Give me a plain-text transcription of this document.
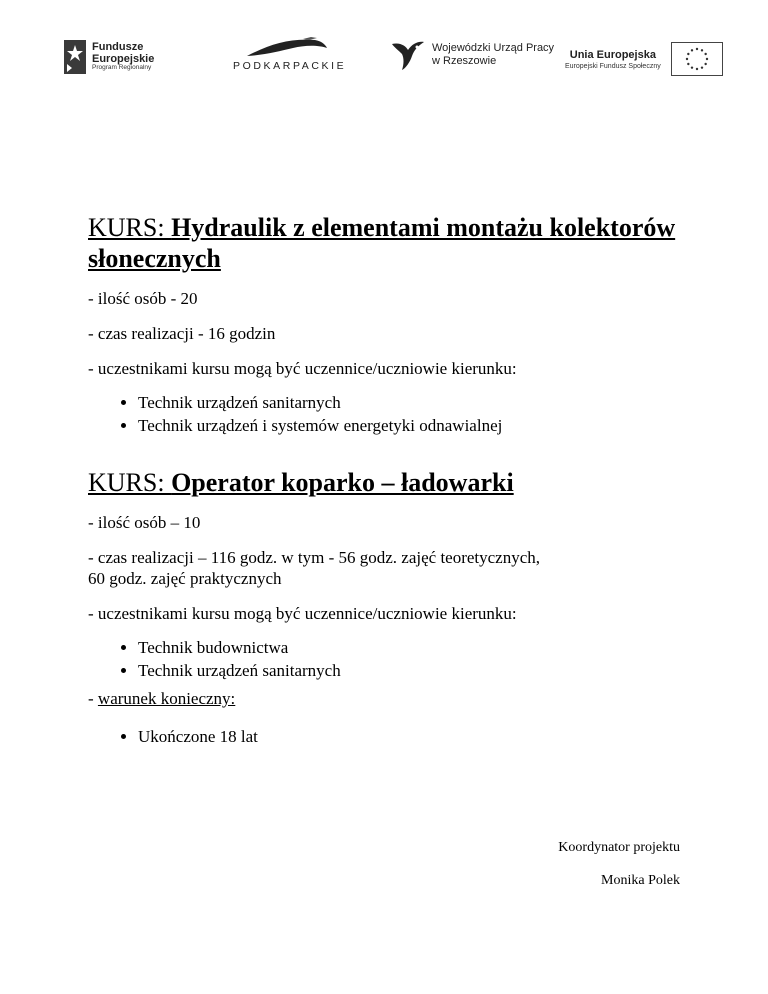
Fundusze
Europejskie
Program Regionalny	PODKARPACKIE
Wojewódzki Urząd Pracy
w Rzeszowie
Unia Europejska
Europejski Fundusz Społeczny
KURS: Hydraulik z elementami montażu kolektorów słonecznych

- ilość osób - 20

- czas realizacji - 16 godzin

- uczestnikami kursu mogą być uczennice/uczniowie kierunku:

• Technik urządzeń sanitarnych
• Technik urządzeń i systemów energetyki odnawialnej
KURS: Operator koparko – ładowarki

- ilość osób – 10

- czas realizacji – 116 godz. w tym - 56 godz. zajęć teoretycznych,

60 godz. zajęć praktycznych

- uczestnikami kursu mogą być uczennice/uczniowie kierunku:

• Technik budownictwa
• Technik urządzeń sanitarnych

- warunek konieczny:

• Ukończone 18 lat
Koordynator projektu
Monika Polek
